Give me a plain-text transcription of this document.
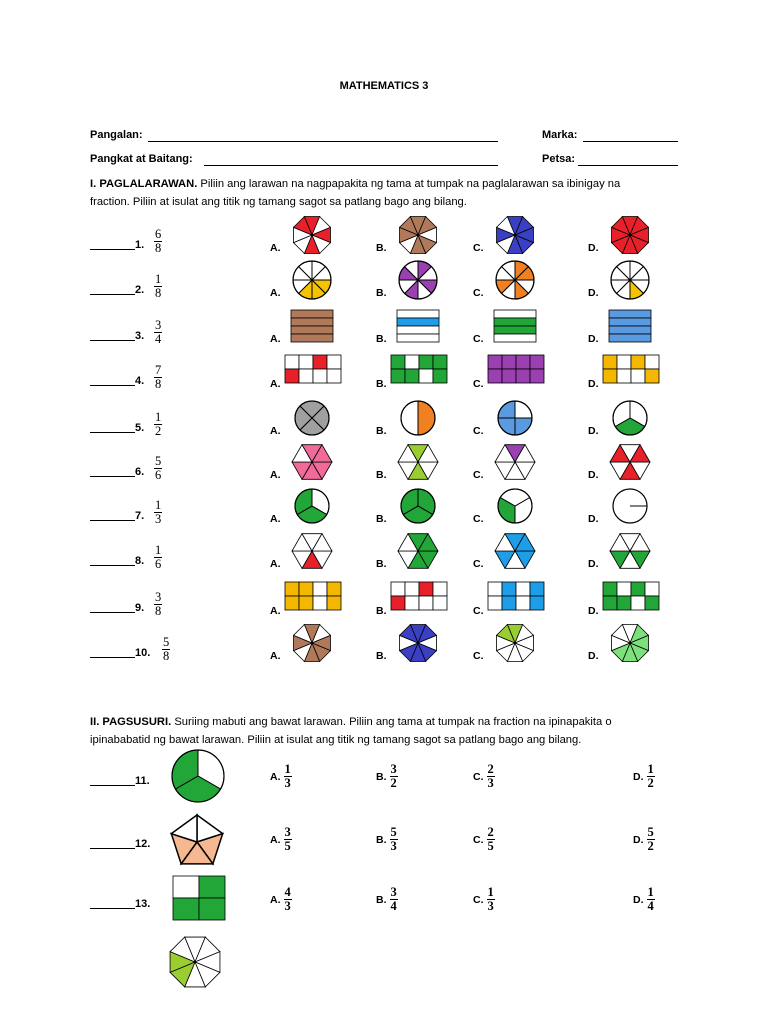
MATHEMATICS 3
Pangalan:	Marka:
Pangkat at Baitang:	Petsa:
I. PAGLALARAWAN. Piliin ang larawan na nagpapakita ng tama at tumpak na paglalarawan sa ibinigay na
fraction. Piliin at isulat ang titik ng tamang sagot sa patlang bago ang bilang.
1. $\frac{6}{8}$	A.	B.	C.	D.
2. $\frac{1}{8}$	A.	B.	C.	D.
3. $\frac{3}{4}$	A.	B.	C.	D.
4. $\frac{7}{8}$	A.	B.	C.	D.
5. $\frac{1}{2}$	A.	B.	C.	D.
6. $\frac{5}{6}$	A.	B.	C.	D.
7. $\frac{1}{3}$	A.	B.	C.	D.
8. $\frac{1}{6}$	A.	B.	C.	D.
9. $\frac{3}{8}$	A.	B.	C.	D.
10. $\frac{5}{8}$	A.	B.	C.	D.
II. PAGSUSURI. Suriing mabuti ang bawat larawan. Piliin ang tama at tumpak na fraction na ipinapakita o
ipinababatid ng bawat larawan. Piliin at isulat ang titik ng tamang sagot sa patlang bago ang bilang.
11.	A. $\frac{1}{3}$	B. $\frac{3}{2}$	C. $\frac{2}{3}$	D. $\frac{1}{2}$
12.	A. $\frac{3}{5}$	B. $\frac{5}{3}$	C. $\frac{2}{5}$	D. $\frac{5}{2}$
13.	A. $\frac{4}{3}$	B. $\frac{3}{4}$	C. $\frac{1}{3}$	D. $\frac{1}{4}$
